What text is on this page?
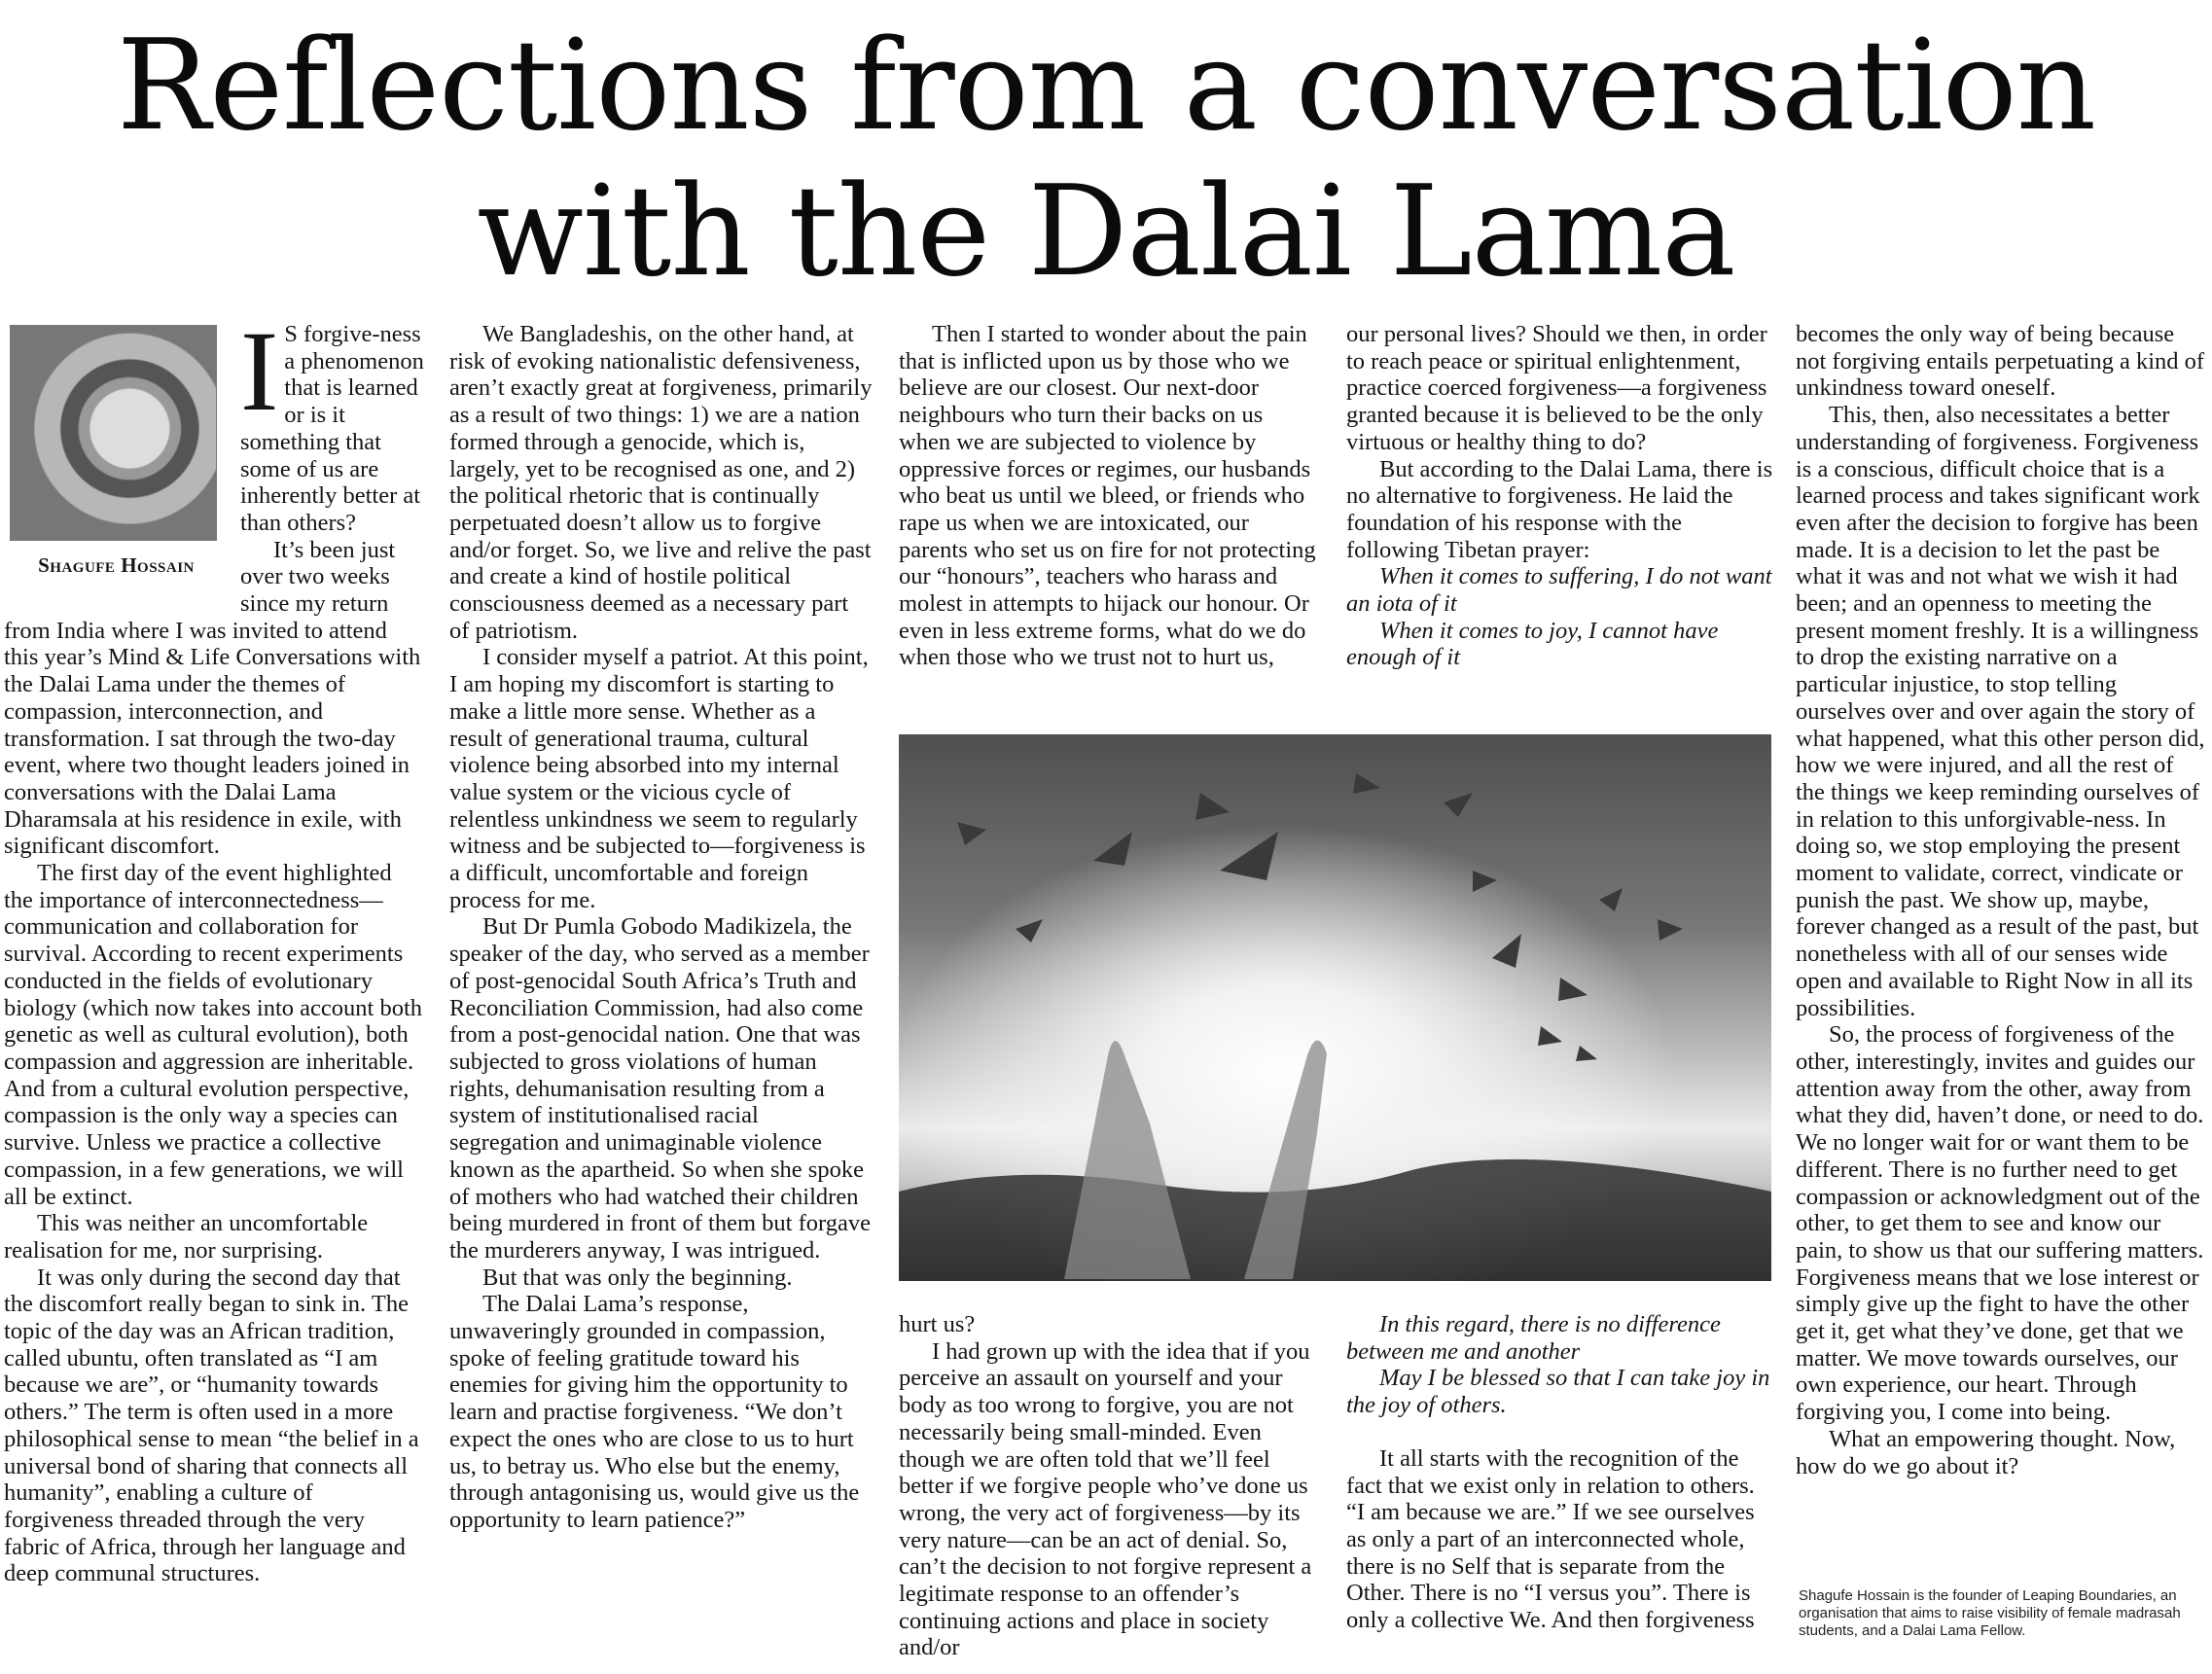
Reflections from a conversation
with the Dalai Lama
Shagufe Hossain
I S forgive-ness a phenomenon that is learned or is it something that some of us are inherently better at than others?

It’s been just over two weeks since my return from India where I was invited to attend this year’s Mind & Life Conversations with the Dalai Lama under the themes of compassion, interconnection, and transformation. I sat through the two-day event, where two thought leaders joined in conversations with the Dalai Lama Dharamsala at his residence in exile, with significant discomfort.

The first day of the event highlighted the importance of interconnectedness—communication and collaboration for survival. According to recent experiments conducted in the fields of evolutionary biology (which now takes into account both genetic as well as cultural evolution), both compassion and aggression are inheritable. And from a cultural evolution perspective, compassion is the only way a species can survive. Unless we practice a collective compassion, in a few generations, we will all be extinct.

This was neither an uncomfortable realisation for me, nor surprising.

It was only during the second day that the discomfort really began to sink in. The topic of the day was an African tradition, called ubuntu, often translated as “I am because we are”, or “humanity towards others.” The term is often used in a more philosophical sense to mean “the belief in a universal bond of sharing that connects all humanity”, enabling a culture of forgiveness threaded through the very fabric of Africa, through her language and deep communal structures.

We Bangladeshis, on the other hand, at risk of evoking nationalistic defensiveness, aren’t exactly great at forgiveness, primarily as a result of two things: 1) we are a nation formed through a genocide, which is, largely, yet to be recognised as one, and 2) the political rhetoric that is continually perpetuated doesn’t allow us to forgive and/or forget. So, we live and relive the past and create a kind of hostile political consciousness deemed as a necessary part of patriotism.

I consider myself a patriot. At this point, I am hoping my discomfort is starting to make a little more sense. Whether as a result of generational trauma, cultural violence being absorbed into my internal value system or the vicious cycle of relentless unkindness we seem to regularly witness and be subjected to—forgiveness is a difficult, uncomfortable and foreign process for me.

But Dr Pumla Gobodo Madikizela, the speaker of the day, who served as a member of post-genocidal South Africa’s Truth and Reconciliation Commission, had also come from a post-genocidal nation. One that was subjected to gross violations of human rights, dehumanisation resulting from a system of institutionalised racial segregation and unimaginable violence known as the apartheid. So when she spoke of mothers who had watched their children being murdered in front of them but forgave the murderers anyway, I was intrigued.

But that was only the beginning.

The Dalai Lama’s response, unwaveringly grounded in compassion, spoke of feeling gratitude toward his enemies for giving him the opportunity to learn and practise forgiveness. “We don’t expect the ones who are close to us to hurt us, to betray us. Who else but the enemy, through antagonising us, would give us the opportunity to learn patience?”

Then I started to wonder about the pain that is inflicted upon us by those who we believe are our closest. Our next-door neighbours who turn their backs on us when we are subjected to violence by oppressive forces or regimes, our husbands who beat us until we bleed, or friends who rape us when we are intoxicated, our parents who set us on fire for not protecting our “honours”, teachers who harass and molest in attempts to hijack our honour. Or even in less extreme forms, what do we do when those who we trust not to hurt us,

our personal lives? Should we then, in order to reach peace or spiritual enlightenment, practice coerced forgiveness—a forgiveness granted because it is believed to be the only virtuous or healthy thing to do?

But according to the Dalai Lama, there is no alternative to forgiveness. He laid the foundation of his response with the following Tibetan prayer:

When it comes to suffering, I do not want an iota of it

When it comes to joy, I cannot have enough of it

hurt us?

I had grown up with the idea that if you perceive an assault on yourself and your body as too wrong to forgive, you are not necessarily being small-minded. Even though we are often told that we’ll feel better if we forgive people who’ve done us wrong, the very act of forgiveness—by its very nature—can be an act of denial. So, can’t the decision to not forgive represent a legitimate response to an offender’s continuing actions and place in society and/or

In this regard, there is no difference between me and another

May I be blessed so that I can take joy in the joy of others.

It all starts with the recognition of the fact that we exist only in relation to others. “I am because we are.” If we see ourselves as only a part of an interconnected whole, there is no Self that is separate from the Other. There is no “I versus you”. There is only a collective We. And then forgiveness

becomes the only way of being because not forgiving entails perpetuating a kind of unkindness toward oneself.

This, then, also necessitates a better understanding of forgiveness. Forgiveness is a conscious, difficult choice that is a learned process and takes significant work even after the decision to forgive has been made. It is a decision to let the past be what it was and not what we wish it had been; and an openness to meeting the present moment freshly. It is a willingness to drop the existing narrative on a particular injustice, to stop telling ourselves over and over again the story of what happened, what this other person did, how we were injured, and all the rest of the things we keep reminding ourselves of in relation to this unforgivable-ness. In doing so, we stop employing the present moment to validate, correct, vindicate or punish the past. We show up, maybe, forever changed as a result of the past, but nonetheless with all of our senses wide open and available to Right Now in all its possibilities.

So, the process of forgiveness of the other, interestingly, invites and guides our attention away from the other, away from what they did, haven’t done, or need to do. We no longer wait for or want them to be different. There is no further need to get compassion or acknowledgment out of the other, to get them to see and know our pain, to show us that our suffering matters. Forgiveness means that we lose interest or simply give up the fight to have the other get it, get what they’ve done, get that we matter. We move towards ourselves, our own experience, our heart. Through forgiving you, I come into being.

What an empowering thought. Now, how do we go about it?

Shagufe Hossain is the founder of Leaping Boundaries, an organisation that aims to raise visibility of female madrasah students, and a Dalai Lama Fellow.
